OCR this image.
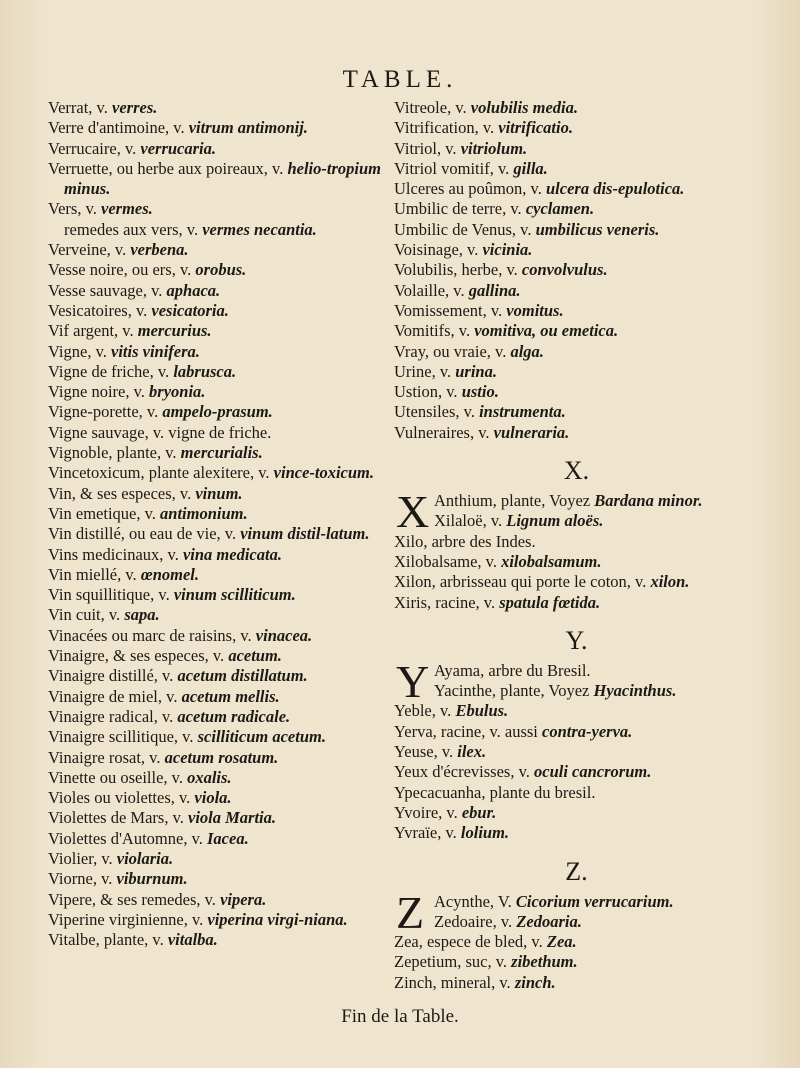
TABLE.

Verrat, v. verres.

Verre d'antimoine, v. vitrum antimonij.

Verrucaire, v. verrucaria.

Verruette, ou herbe aux poireaux, v. helio-tropium minus.

Vers, v. vermes.

remedes aux vers, v. vermes necantia.

Verveine, v. verbena.

Vesse noire, ou ers, v. orobus.

Vesse sauvage, v. aphaca.

Vesicatoires, v. vesicatoria.

Vif argent, v. mercurius.

Vigne, v. vitis vinifera.

Vigne de friche, v. labrusca.

Vigne noire, v. bryonia.

Vigne-porette, v. ampelo-prasum.

Vigne sauvage, v. vigne de friche.

Vignoble, plante, v. mercurialis.

Vincetoxicum, plante alexitere, v. vince-toxicum.

Vin, & ses especes, v. vinum.

Vin emetique, v. antimonium.

Vin distillé, ou eau de vie, v. vinum distil-latum.

Vins medicinaux, v. vina medicata.

Vin miellé, v. œnomel.

Vin squillitique, v. vinum scilliticum.

Vin cuit, v. sapa.

Vinacées ou marc de raisins, v. vinacea.

Vinaigre, & ses especes, v. acetum.

Vinaigre distillé, v. acetum distillatum.

Vinaigre de miel, v. acetum mellis.

Vinaigre radical, v. acetum radicale.

Vinaigre scillitique, v. scilliticum acetum.

Vinaigre rosat, v. acetum rosatum.

Vinette ou oseille, v. oxalis.

Violes ou violettes, v. viola.

Violettes de Mars, v. viola Martia.

Violettes d'Automne, v. Iacea.

Violier, v. violaria.

Viorne, v. viburnum.

Vipere, & ses remedes, v. vipera.

Viperine virginienne, v. viperina virgi-niana.

Vitalbe, plante, v. vitalba.

Vitreole, v. volubilis media.

Vitrification, v. vitrificatio.

Vitriol, v. vitriolum.

Vitriol vomitif, v. gilla.

Ulceres au poûmon, v. ulcera dis-epulotica.

Umbilic de terre, v. cyclamen.

Umbilic de Venus, v. umbilicus veneris.

Voisinage, v. vicinia.

Volubilis, herbe, v. convolvulus.

Volaille, v. gallina.

Vomissement, v. vomitus.

Vomitifs, v. vomitiva, ou emetica.

Vray, ou vraie, v. alga.

Urine, v. urina.

Ustion, v. ustio.

Utensiles, v. instrumenta.

Vulneraires, v. vulneraria.

X.
X Anthium, plante, Voyez Bardana minor.

Xilaloë, v. Lignum aloës.

Xilo, arbre des Indes.

Xilobalsame, v. xilobalsamum.

Xilon, arbrisseau qui porte le coton, v. xilon.

Xiris, racine, v. spatula fœtida.

Y.
Y Ayama, arbre du Bresil.

Yacinthe, plante, Voyez Hyacinthus.

Yeble, v. Ebulus.

Yerva, racine, v. aussi contra-yerva.

Yeuse, v. ilex.

Yeux d'écrevisses, v. oculi cancrorum.

Ypecacuanha, plante du bresil.

Yvoire, v. ebur.

Yvraïe, v. lolium.

Z.
Z Acynthe, V. Cicorium verrucarium.

Zedoaire, v. Zedoaria.

Zea, espece de bled, v. Zea.

Zepetium, suc, v. zibethum.

Zinch, mineral, v. zinch.

Fin de la Table.
